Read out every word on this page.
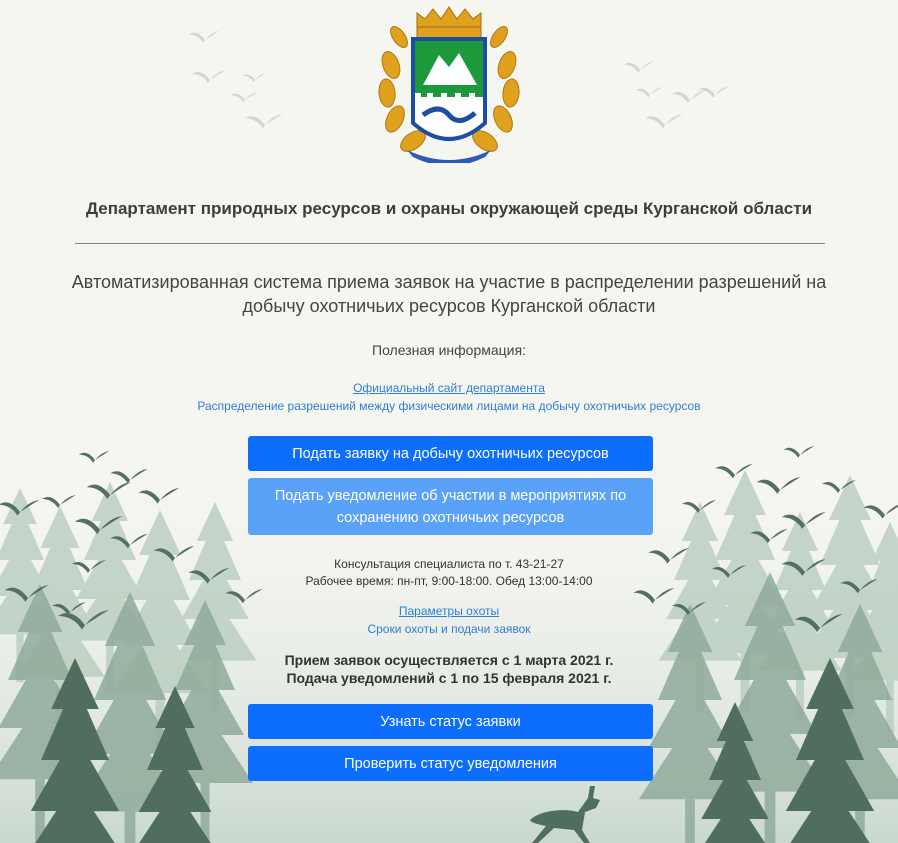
Департамент природных ресурсов и охраны окружающей среды Курганской области
Автоматизированная система приема заявок на участие в распределении разрешений на добычу охотничьих ресурсов Курганской области
Полезная информация:
Официальный сайт департамента
Распределение разрешений между физическими лицами на добычу охотничьих ресурсов
Подать заявку на добычу охотничьих ресурсов
Подать уведомление об участии в мероприятиях по сохранению охотничьих ресурсов
Консультация специалиста по т. 43-21-27
Рабочее время: пн-пт, 9:00-18:00. Обед 13:00-14:00
Параметры охоты
Сроки охоты и подачи заявок
Прием заявок осуществляется с 1 марта 2021 г.
Подача уведомлений с 1 по 15 февраля 2021 г.
Узнать статус заявки
Проверить статус уведомления
